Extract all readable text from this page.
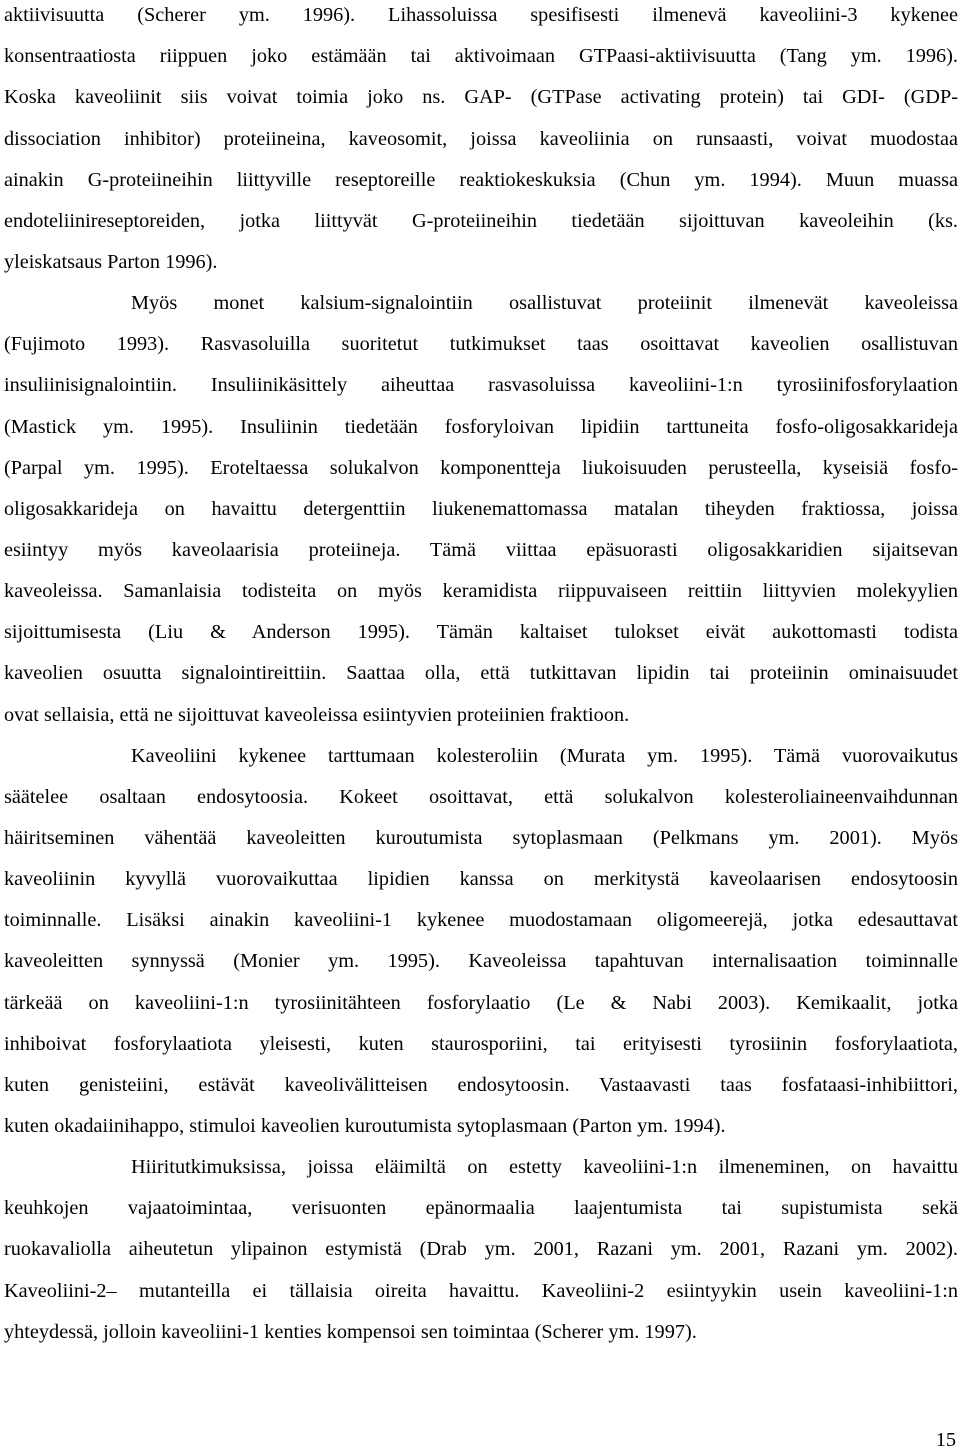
aktiivisuutta (Scherer ym. 1996). Lihassoluissa spesifisesti ilmenevä kaveoliini-3 kykenee
konsentraatiosta riippuen joko estämään tai aktivoimaan GTPaasi-aktiivisuutta (Tang ym. 1996).
Koska kaveoliinit siis voivat toimia joko ns. GAP- (GTPase activating protein) tai GDI- (GDP-
dissociation inhibitor) proteiineina, kaveosomit, joissa kaveoliinia on runsaasti, voivat muodostaa
ainakin G-proteiineihin liittyville reseptoreille reaktiokeskuksia (Chun ym. 1994). Muun muassa
endoteliinireseptoreiden, jotka liittyvät G-proteiineihin tiedetään sijoittuvan kaveoleihin (ks.
yleiskatsaus Parton 1996).
Myös monet kalsium-signalointiin osallistuvat proteiinit ilmenevät kaveoleissa
(Fujimoto 1993). Rasvasoluilla suoritetut tutkimukset taas osoittavat kaveolien osallistuvan
insuliinisignalointiin. Insuliinikäsittely aiheuttaa rasvasoluissa kaveoliini-1:n tyrosiinifosforylaation
(Mastick ym. 1995). Insuliinin tiedetään fosforyloivan lipidiin tarttuneita fosfo-oligosakkarideja
(Parpal ym. 1995). Eroteltaessa solukalvon komponentteja liukoisuuden perusteella, kyseisiä fosfo-
oligosakkarideja on havaittu detergenttiin liukenemattomassa matalan tiheyden fraktiossa, joissa
esiintyy myös kaveolaarisia proteiineja. Tämä viittaa epäsuorasti oligosakkaridien sijaitsevan
kaveoleissa. Samanlaisia todisteita on myös keramidista riippuvaiseen reittiin liittyvien molekyylien
sijoittumisesta (Liu & Anderson 1995). Tämän kaltaiset tulokset eivät aukottomasti todista
kaveolien osuutta signalointireittiin. Saattaa olla, että tutkittavan lipidin tai proteiinin ominaisuudet
ovat sellaisia, että ne sijoittuvat kaveoleissa esiintyvien proteiinien fraktioon.
Kaveoliini kykenee tarttumaan kolesteroliin (Murata ym. 1995). Tämä vuorovaikutus
säätelee osaltaan endosytoosia. Kokeet osoittavat, että solukalvon kolesteroliaineenvaihdunnan
häiritseminen vähentää kaveoleitten kuroutumista sytoplasmaan (Pelkmans ym. 2001). Myös
kaveoliinin kyvyllä vuorovaikuttaa lipidien kanssa on merkitystä kaveolaarisen endosytoosin
toiminnalle. Lisäksi ainakin kaveoliini-1 kykenee muodostamaan oligomeerejä, jotka edesauttavat
kaveoleitten synnyssä (Monier ym. 1995). Kaveoleissa tapahtuvan internalisaation toiminnalle
tärkeää on kaveoliini-1:n tyrosiinitähteen fosforylaatio (Le & Nabi 2003). Kemikaalit, jotka
inhiboivat fosforylaatiota yleisesti, kuten staurosporiini, tai erityisesti tyrosiinin fosforylaatiota,
kuten genisteiini, estävät kaveolivälitteisen endosytoosin. Vastaavasti taas fosfataasi-inhibiittori,
kuten okadaiinihappo, stimuloi kaveolien kuroutumista sytoplasmaan (Parton ym. 1994).
Hiiritutkimuksissa, joissa eläimiltä on estetty kaveoliini-1:n ilmeneminen, on havaittu
keuhkojen vajaatoimintaa, verisuonten epänormaalia laajentumista tai supistumista sekä
ruokavaliolla aiheutetun ylipainon estymistä (Drab ym. 2001, Razani ym. 2001, Razani ym. 2002).
Kaveoliini-2– mutanteilla ei tällaisia oireita havaittu. Kaveoliini-2 esiintyykin usein kaveoliini-1:n
yhteydessä, jolloin kaveoliini-1 kenties kompensoi sen toimintaa (Scherer ym. 1997).
15
